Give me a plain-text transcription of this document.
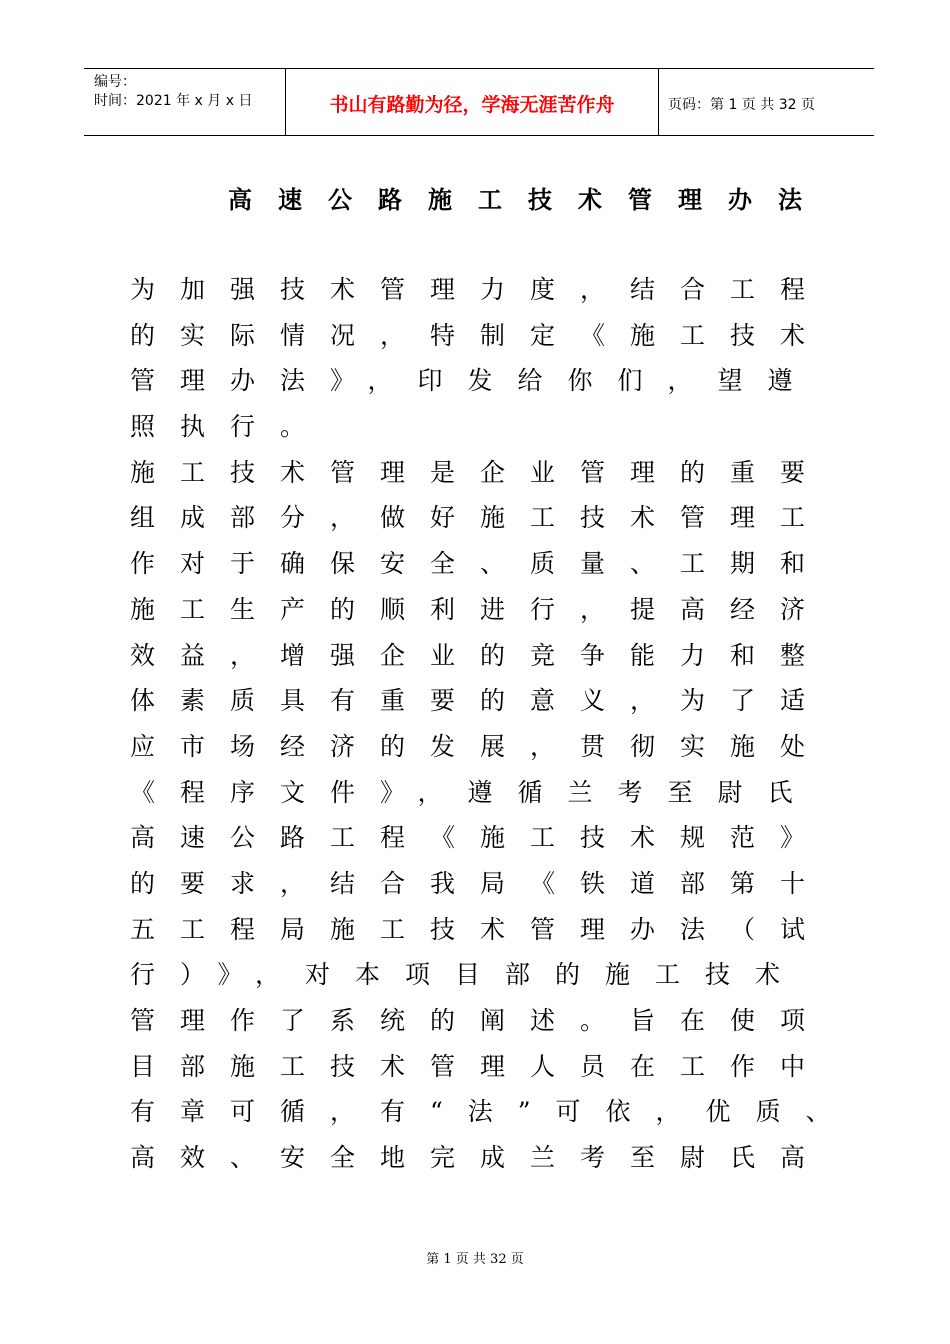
编号：
时间：2021 年 x 月 x 日	书山有路勤为径，学海无涯苦作舟	页码：第 1 页 共 32 页
高速公路施工技术管理办法
为加强技术管理力度，结合工程
的实际情况，特制定《施工技术
管理办法》，印发给你们，望遵
照执行。
施工技术管理是企业管理的重要
组成部分，做好施工技术管理工
作对于确保安全、质量、工期和
施工生产的顺利进行，提高经济
效益，增强企业的竞争能力和整
体素质具有重要的意义，为了适
应市场经济的发展，贯彻实施处
《程序文件》，遵循兰考至尉氏
高速公路工程《施工技术规范》
的要求，结合我局《铁道部第十
五工程局施工技术管理办法（试
行）》，对本项目部的施工技术
管理作了系统的阐述。旨在使项
目部施工技术管理人员在工作中
有章可循，有“法”可依，优质、
高效、安全地完成兰考至尉氏高
第 1 页 共 32 页
